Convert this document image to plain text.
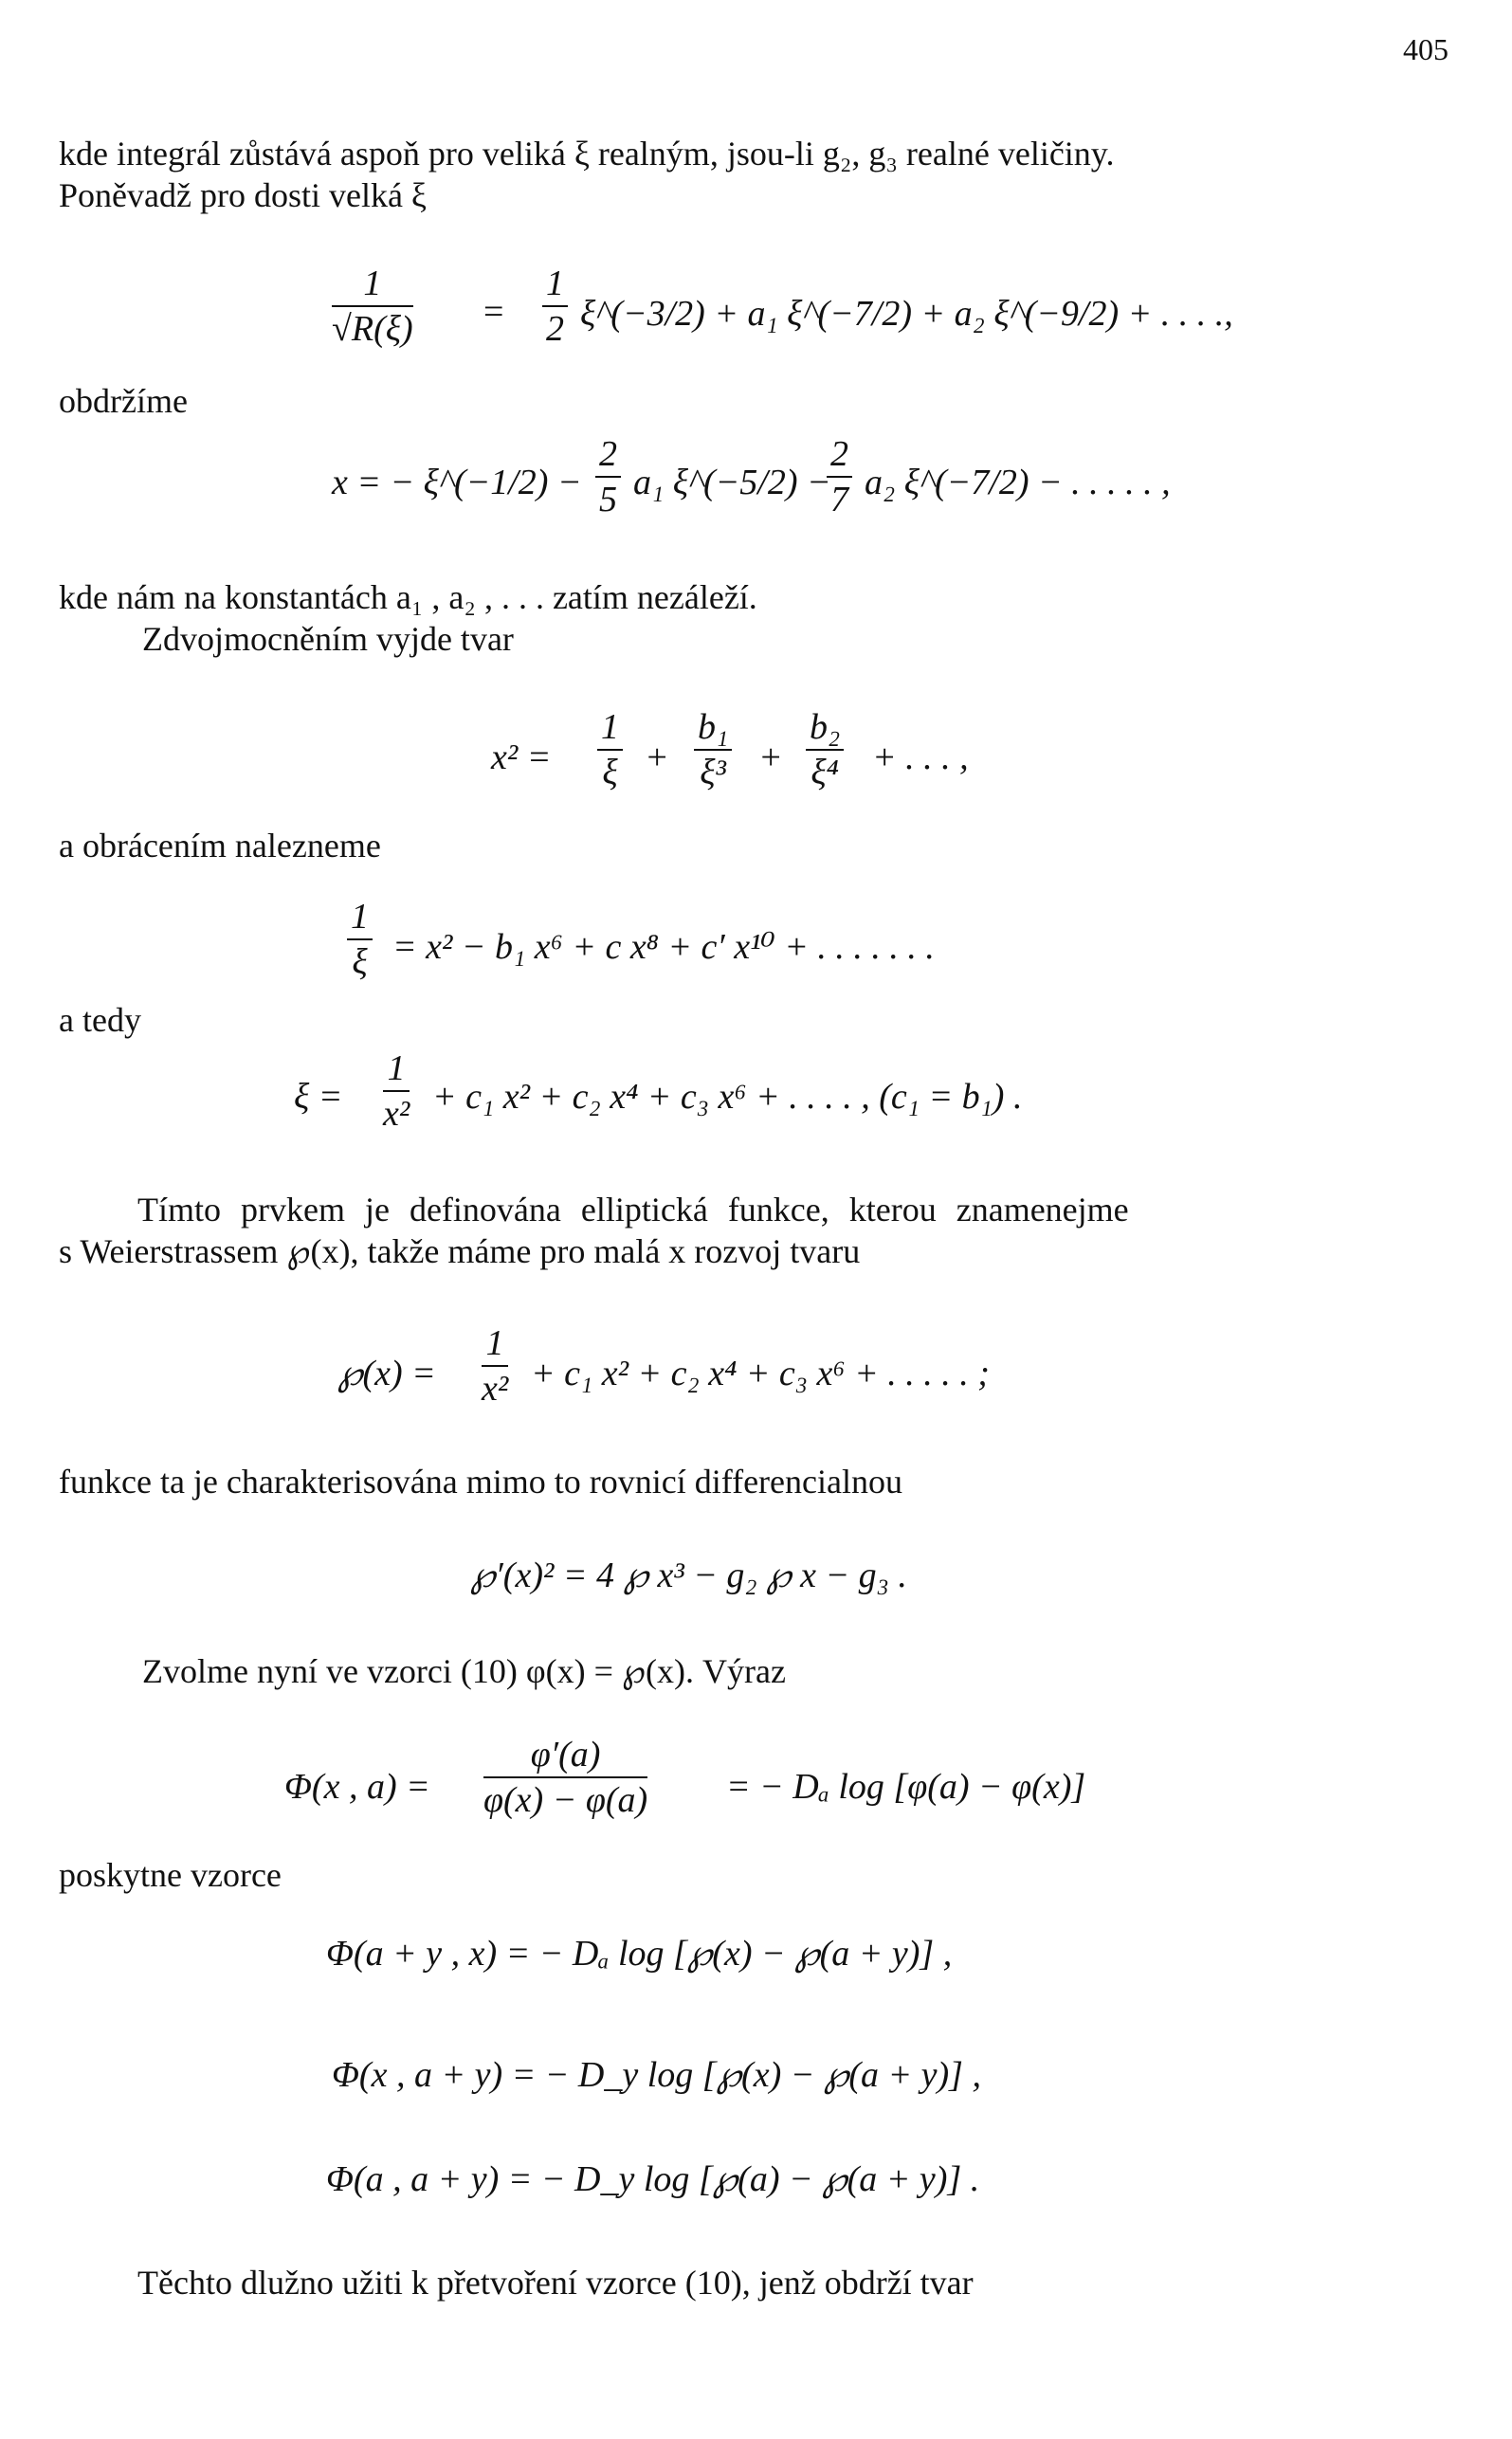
405
kde integrál zůstává aspoň pro veliká ξ realným, jsou-li g₂, g₃ realné veličiny.
Poněvadž pro dosti velká ξ
1
√R(ξ) =
1
2 ξ^(−3/2) + a₁ ξ^(−7/2) + a₂ ξ^(−9/2) + . . . .,
obdržíme
x = − ξ^(−1/2) −
2
5 a₁ ξ^(−5/2) −
2
7 a₂ ξ^(−7/2) − . . . . . ,
kde nám na konstantách a₁ , a₂ , . . . zatím nezáleží.
Zdvojmocněním vyjde tvar
x² =
1
ξ +
b₁
ξ³ +
b₂
ξ⁴ + . . . ,
a obrácením nalezneme
1
ξ = x² − b₁ x⁶ + c x⁸ + c′ x¹⁰ + . . . . . . .
a tedy
ξ =
1
x² + c₁ x² + c₂ x⁴ + c₃ x⁶ + . . . . , (c₁ = b₁) .
Tímto prvkem je definována elliptická funkce, kterou znamenejme
s Weierstrassem ℘(x), takže máme pro malá x rozvoj tvaru
℘(x) =
1
x² + c₁ x² + c₂ x⁴ + c₃ x⁶ + . . . . . ;
funkce ta je charakterisována mimo to rovnicí differencialnou
℘′(x)² = 4 ℘ x³ − g₂ ℘ x − g₃ .
Zvolme nyní ve vzorci (10) φ(x) = ℘(x). Výraz
Φ(x , a) =
φ′(a)
φ(x) − φ(a) = − Dₐ log [φ(a) − φ(x)]
poskytne vzorce
Φ(a + y , x) = − Dₐ log [℘(x) − ℘(a + y)] ,
Φ(x , a + y) = − D_y log [℘(x) − ℘(a + y)] ,
Φ(a , a + y) = − D_y log [℘(a) − ℘(a + y)] .
Těchto dlužno užiti k přetvoření vzorce (10), jenž obdrží tvar
